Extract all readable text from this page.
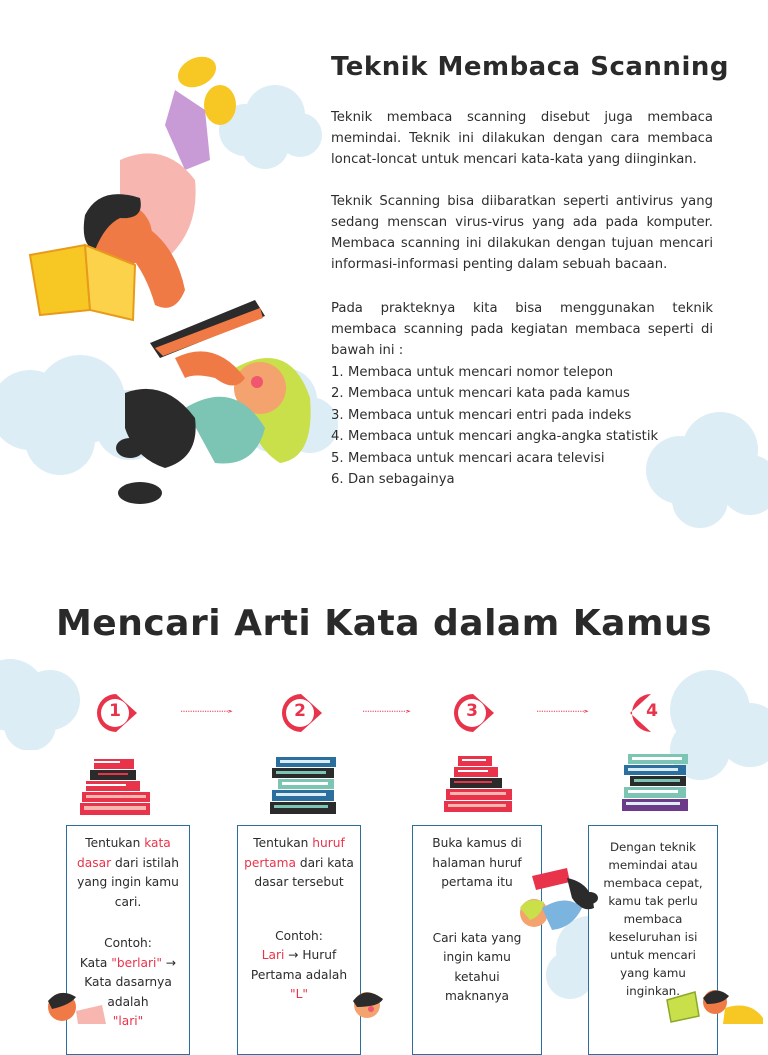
Teknik Membaca Scanning

Teknik membaca scanning disebut juga membaca memindai. Teknik ini dilakukan dengan cara membaca loncat-loncat untuk mencari kata-kata yang diinginkan.

Teknik Scanning bisa diibaratkan seperti antivirus yang sedang menscan virus-virus yang ada pada komputer. Membaca scanning ini dilakukan dengan tujuan mencari informasi-informasi penting dalam sebuah bacaan.

Pada prakteknya kita bisa menggunakan teknik membaca scanning pada kegiatan membaca seperti di bawah ini :

1. Membaca untuk mencari nomor telepon
2. Membaca untuk mencari kata pada kamus
3. Membaca untuk mencari entri pada indeks
4. Membaca untuk mencari angka-angka statistik
5. Membaca untuk mencari acara televisi
6. Dan sebagainya
Mencari Arti Kata dalam Kamus
1	2	3	4

Tentukan kata dasar dari istilah yang ingin kamu cari.

Contoh:

Kata "berlari" → Kata dasarnya adalah

"lari"

Tentukan huruf pertama dari kata dasar tersebut

Contoh:

Lari → Huruf Pertama adalah

"L"

Buka kamus di halaman huruf pertama itu

Cari kata yang ingin kamu ketahui maknanya

Dengan teknik memindai atau membaca cepat, kamu tak perlu membaca keseluruhan isi untuk mencari yang kamu inginkan.
